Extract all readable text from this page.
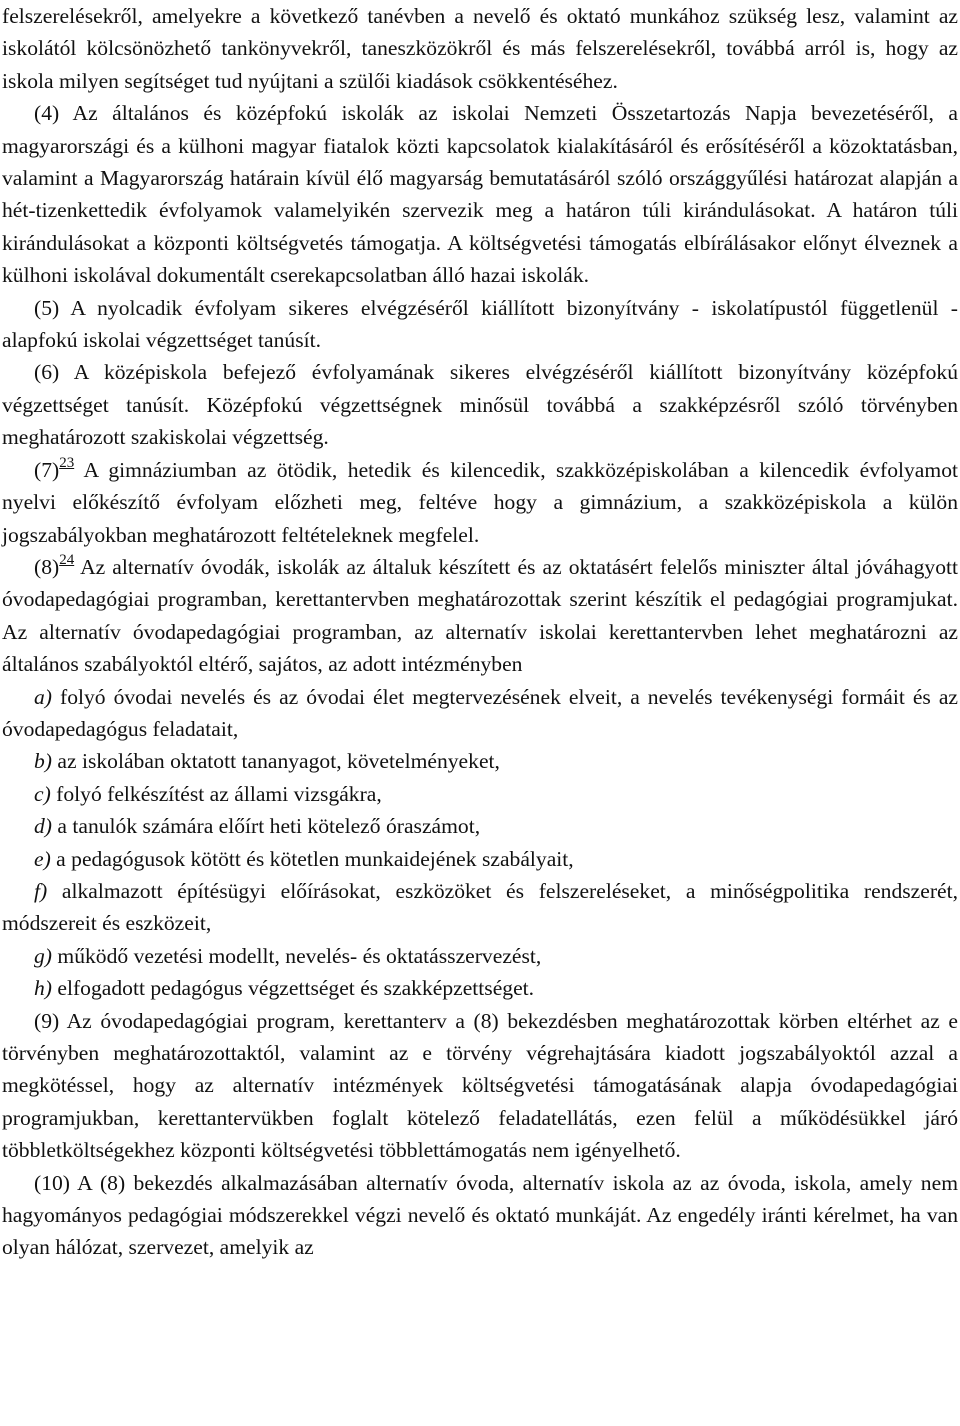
felszerelésekről, amelyekre a következő tanévben a nevelő és oktató munkához szükség lesz, valamint az iskolától kölcsönözhető tankönyvekről, taneszközökről és más felszerelésekről, továbbá arról is, hogy az iskola milyen segítséget tud nyújtani a szülői kiadások csökkentéséhez.

(4) Az általános és középfokú iskolák az iskolai Nemzeti Összetartozás Napja bevezetéséről, a magyarországi és a külhoni magyar fiatalok közti kapcsolatok kialakításáról és erősítéséről a közoktatásban, valamint a Magyarország határain kívül élő magyarság bemutatásáról szóló országgyűlési határozat alapján a hét-tizenkettedik évfolyamok valamelyikén szervezik meg a határon túli kirándulásokat. A határon túli kirándulásokat a központi költségvetés támogatja. A költségvetési támogatás elbírálásakor előnyt élveznek a külhoni iskolával dokumentált cserekapcsolatban álló hazai iskolák.

(5) A nyolcadik évfolyam sikeres elvégzéséről kiállított bizonyítvány - iskolatípustól függetlenül - alapfokú iskolai végzettséget tanúsít.

(6) A középiskola befejező évfolyamának sikeres elvégzéséről kiállított bizonyítvány középfokú végzettséget tanúsít. Középfokú végzettségnek minősül továbbá a szakképzésről szóló törvényben meghatározott szakiskolai végzettség.

$(7)^{23}$ A gimnáziumban az ötödik, hetedik és kilencedik, szakközépiskolában a kilencedik évfolyamot nyelvi előkészítő évfolyam előzheti meg, feltéve hogy a gimnázium, a szakközépiskola a külön jogszabályokban meghatározott feltételeknek megfelel.

$(8)^{24}$ Az alternatív óvodák, iskolák az általuk készített és az oktatásért felelős miniszter által jóváhagyott óvodapedagógiai programban, kerettantervben meghatározottak szerint készítik el pedagógiai programjukat. Az alternatív óvodapedagógiai programban, az alternatív iskolai kerettantervben lehet meghatározni az általános szabályoktól eltérő, sajátos, az adott intézményben

a) folyó óvodai nevelés és az óvodai élet megtervezésének elveit, a nevelés tevékenységi formáit és az óvodapedagógus feladatait,

b) az iskolában oktatott tananyagot, követelményeket,

c) folyó felkészítést az állami vizsgákra,

d) a tanulók számára előírt heti kötelező óraszámot,

e) a pedagógusok kötött és kötetlen munkaidejének szabályait,

f) alkalmazott építésügyi előírásokat, eszközöket és felszereléseket, a minőségpolitika rendszerét, módszereit és eszközeit,

g) működő vezetési modellt, nevelés- és oktatásszervezést,

h) elfogadott pedagógus végzettséget és szakképzettséget.

(9) Az óvodapedagógiai program, kerettanterv a (8) bekezdésben meghatározottak körben eltérhet az e törvényben meghatározottaktól, valamint az e törvény végrehajtására kiadott jogszabályoktól azzal a megkötéssel, hogy az alternatív intézmények költségvetési támogatásának alapja óvodapedagógiai programjukban, kerettantervükben foglalt kötelező feladatellátás, ezen felül a működésükkel járó többletköltségekhez központi költségvetési többlettámogatás nem igényelhető.

(10) A (8) bekezdés alkalmazásában alternatív óvoda, alternatív iskola az az óvoda, iskola, amely nem hagyományos pedagógiai módszerekkel végzi nevelő és oktató munkáját. Az engedély iránti kérelmet, ha van olyan hálózat, szervezet, amelyik az
